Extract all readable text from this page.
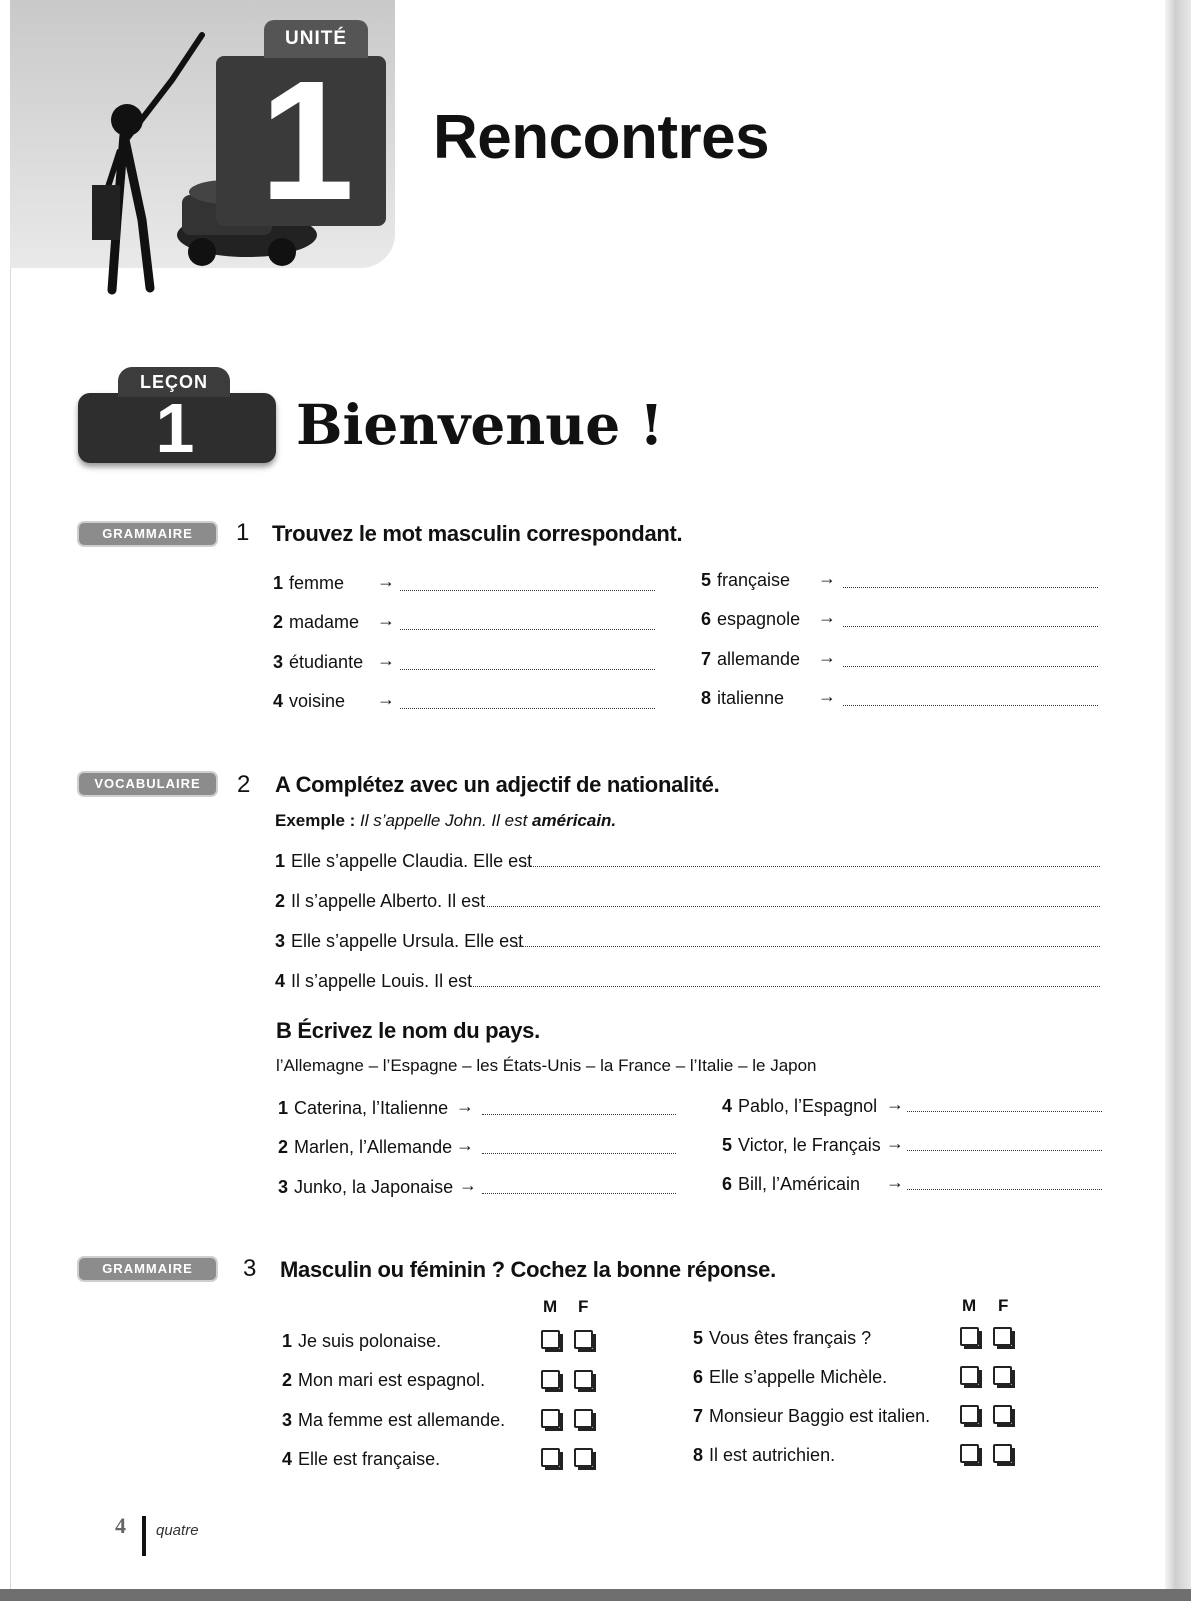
UNITÉ
1	Rencontres
LEÇON
1	Bienvenue !
GRAMMAIRE	1 Trouvez le mot masculin correspondant.
1 femme →
2 madame →
3 étudiante →
4 voisine →
5 française →
6 espagnole →
7 allemande →
8 italienne →
VOCABULAIRE	2 A Complétez avec un adjectif de nationalité.
Exemple : Il s’appelle John. Il est américain.
1 Elle s’appelle Claudia. Elle est
2 Il s’appelle Alberto. Il est
3 Elle s’appelle Ursula. Elle est
4 Il s’appelle Louis. Il est
B Écrivez le nom du pays.
l’Allemagne – l’Espagne – les États-Unis – la France – l’Italie – le Japon
1 Caterina, l’Italienne →
2 Marlen, l’Allemande →
3 Junko, la Japonaise →
4 Pablo, l’Espagnol →
5 Victor, le Français →
6 Bill, l’Américain →
GRAMMAIRE	3 Masculin ou féminin ? Cochez la bonne réponse.
M F	M F
1 Je suis polonaise.
2 Mon mari est espagnol.
3 Ma femme est allemande.
4 Elle est française.
5 Vous êtes français ?
6 Elle s’appelle Michèle.
7 Monsieur Baggio est italien.
8 Il est autrichien.
4 quatre
